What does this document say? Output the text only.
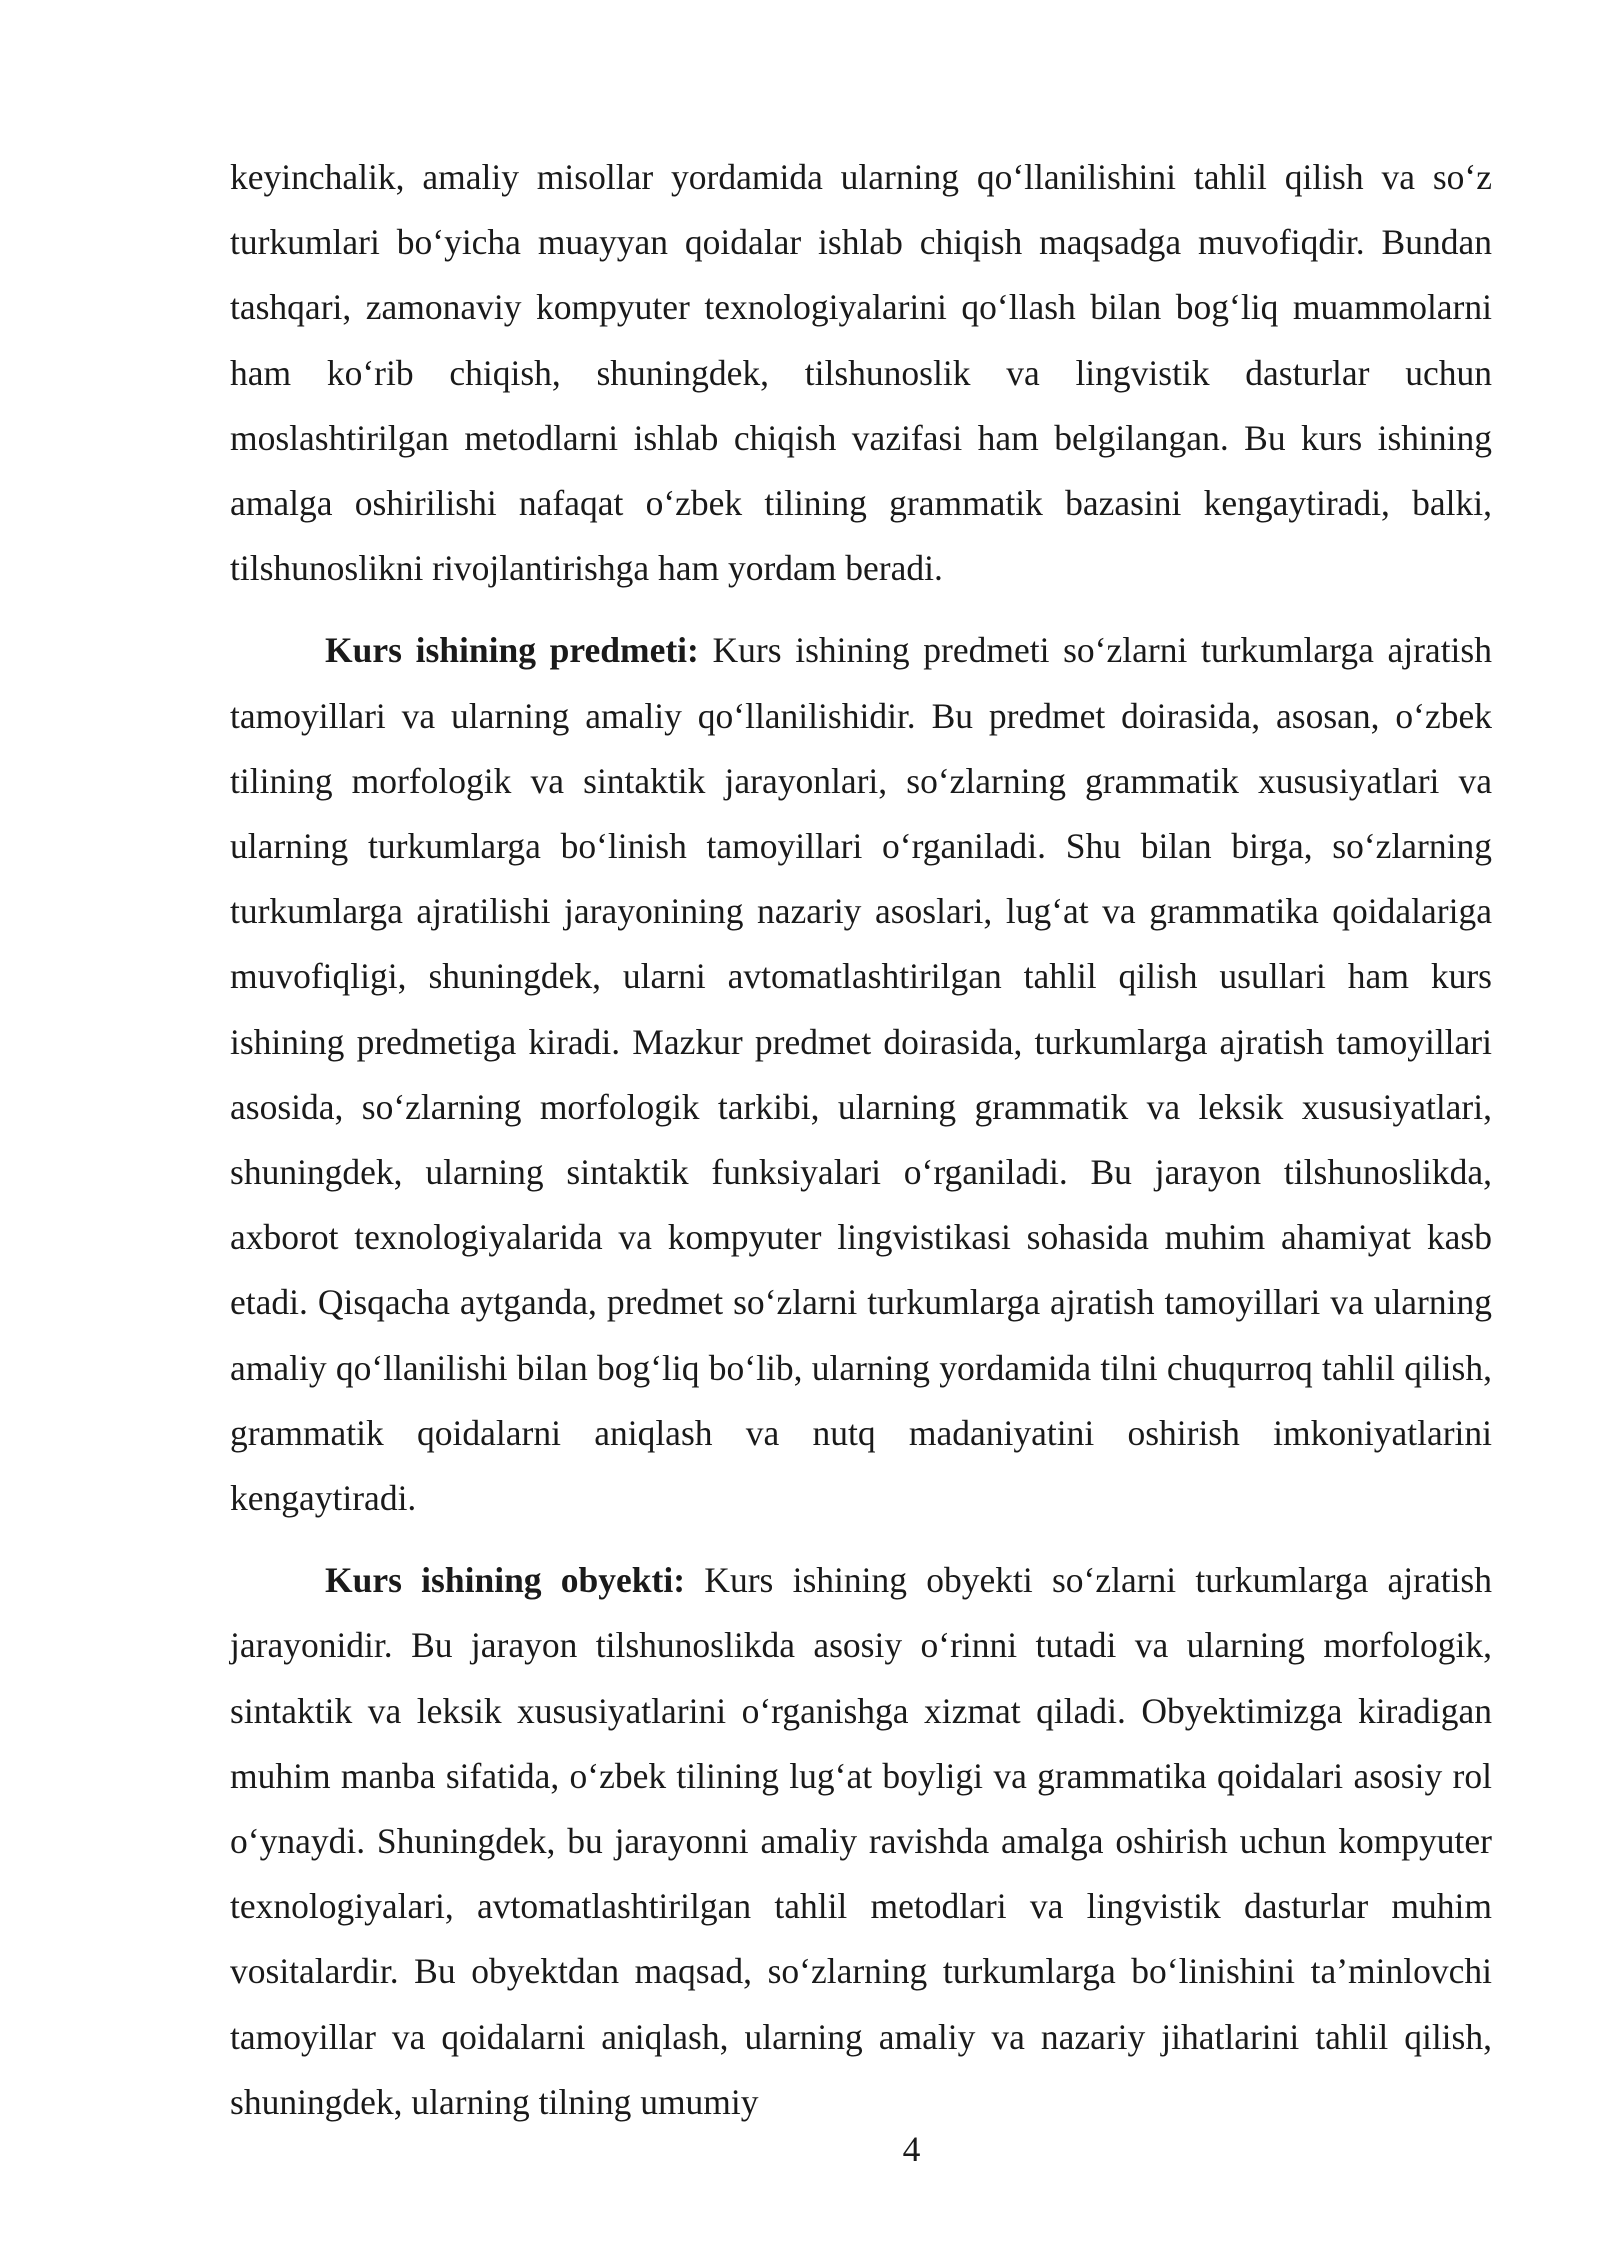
keyinchalik, amaliy misollar yordamida ularning qo‘llanilishini tahlil qilish va so‘z turkumlari bo‘yicha muayyan qoidalar ishlab chiqish maqsadga muvofiqdir. Bundan tashqari, zamonaviy kompyuter texnologiyalarini qo‘llash bilan bog‘liq muammolarni ham ko‘rib chiqish, shuningdek, tilshunoslik va lingvistik dasturlar uchun moslashtirilgan metodlarni ishlab chiqish vazifasi ham belgilangan. Bu kurs ishining amalga oshirilishi nafaqat o‘zbek tilining grammatik bazasini kengaytiradi, balki, tilshunoslikni rivojlantirishga ham yordam beradi.

Kurs ishining predmeti: Kurs ishining predmeti so‘zlarni turkumlarga ajratish tamoyillari va ularning amaliy qo‘llanilishidir. Bu predmet doirasida, asosan, o‘zbek tilining morfologik va sintaktik jarayonlari, so‘zlarning grammatik xususiyatlari va ularning turkumlarga bo‘linish tamoyillari o‘rganiladi. Shu bilan birga, so‘zlarning turkumlarga ajratilishi jarayonining nazariy asoslari, lug‘at va grammatika qoidalariga muvofiqligi, shuningdek, ularni avtomatlashtirilgan tahlil qilish usullari ham kurs ishining predmetiga kiradi. Mazkur predmet doirasida, turkumlarga ajratish tamoyillari asosida, so‘zlarning morfologik tarkibi, ularning grammatik va leksik xususiyatlari, shuningdek, ularning sintaktik funksiyalari o‘rganiladi. Bu jarayon tilshunoslikda, axborot texnologiyalarida va kompyuter lingvistikasi sohasida muhim ahamiyat kasb etadi. Qisqacha aytganda, predmet so‘zlarni turkumlarga ajratish tamoyillari va ularning amaliy qo‘llanilishi bilan bog‘liq bo‘lib, ularning yordamida tilni chuqurroq tahlil qilish, grammatik qoidalarni aniqlash va nutq madaniyatini oshirish imkoniyatlarini kengaytiradi.

Kurs ishining obyekti: Kurs ishining obyekti so‘zlarni turkumlarga ajratish jarayonidir. Bu jarayon tilshunoslikda asosiy o‘rinni tutadi va ularning morfologik, sintaktik va leksik xususiyatlarini o‘rganishga xizmat qiladi. Obyektimizga kiradigan muhim manba sifatida, o‘zbek tilining lug‘at boyligi va grammatika qoidalari asosiy rol o‘ynaydi. Shuningdek, bu jarayonni amaliy ravishda amalga oshirish uchun kompyuter texnologiyalari, avtomatlashtirilgan tahlil metodlari va lingvistik dasturlar muhim vositalardir. Bu obyektdan maqsad, so‘zlarning turkumlarga bo‘linishini ta’minlovchi tamoyillar va qoidalarni aniqlash, ularning amaliy va nazariy jihatlarini tahlil qilish, shuningdek, ularning tilning umumiy

4
